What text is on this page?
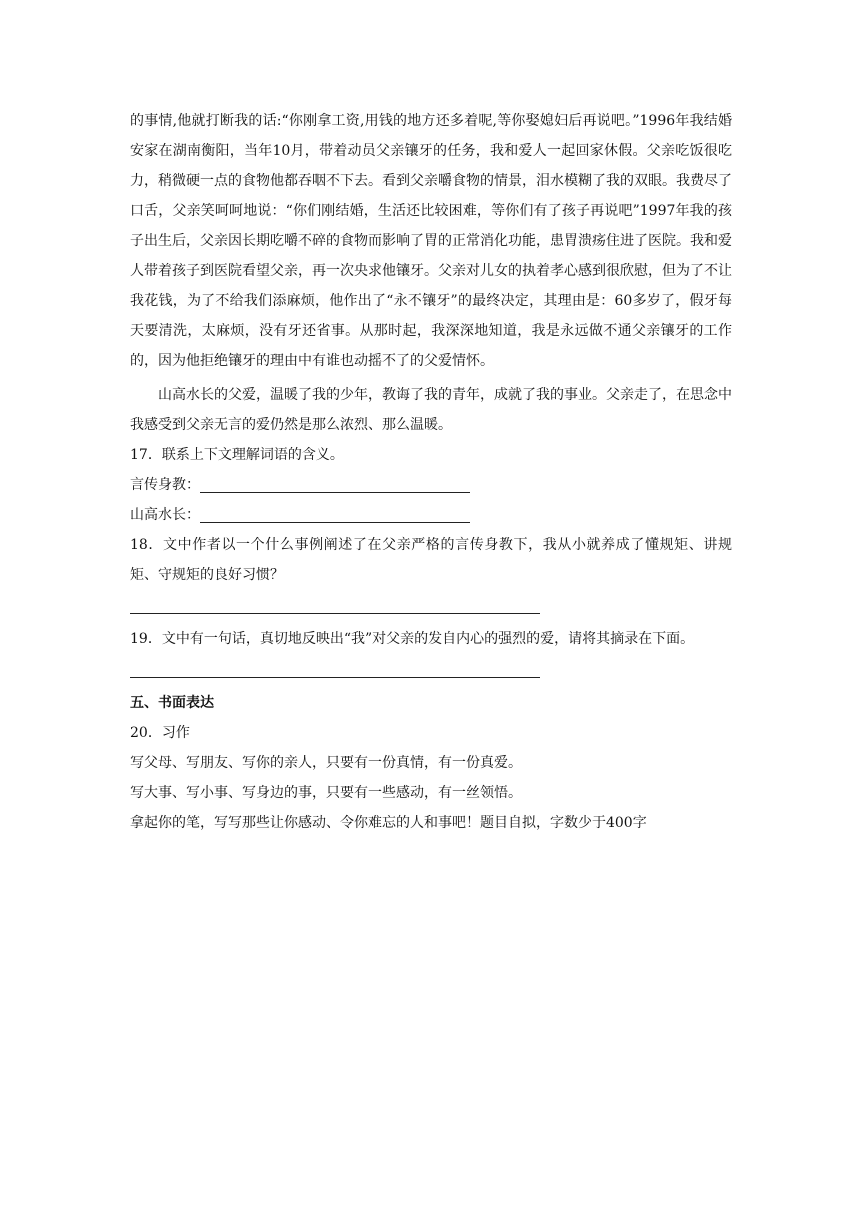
的事情,他就打断我的话:“你刚拿工资,用钱的地方还多着呢,等你娶媳妇后再说吧。”1996年我结婚安家在湖南衡阳，当年10月，带着动员父亲镶牙的任务，我和爱人一起回家休假。父亲吃饭很吃力，稍微硬一点的食物他都吞咽不下去。看到父亲嚼食物的情景，泪水模糊了我的双眼。我费尽了口舌，父亲笑呵呵地说：“你们刚结婚，生活还比较困难，等你们有了孩子再说吧”1997年我的孩子出生后，父亲因长期吃嚼不碎的食物而影响了胃的正常消化功能，患胃溃疡住进了医院。我和爱人带着孩子到医院看望父亲，再一次央求他镶牙。父亲对儿女的执着孝心感到很欣慰，但为了不让我花钱，为了不给我们添麻烦，他作出了“永不镶牙”的最终决定，其理由是：60多岁了，假牙每天要清洗，太麻烦，没有牙还省事。从那时起，我深深地知道，我是永远做不通父亲镶牙的工作的，因为他拒绝镶牙的理由中有谁也动摇不了的父爱情怀。

山高水长的父爱，温暖了我的少年，教诲了我的青年，成就了我的事业。父亲走了，在思念中我感受到父亲无言的爱仍然是那么浓烈、那么温暖。

17．联系上下文理解词语的含义。

言传身教：

山高水长：

18．文中作者以一个什么事例阐述了在父亲严格的言传身教下，我从小就养成了懂规矩、讲规矩、守规矩的良好习惯？

19．文中有一句话，真切地反映出“我”对父亲的发自内心的强烈的爱，请将其摘录在下面。

五、书面表达

20．习作

写父母、写朋友、写你的亲人，只要有一份真情，有一份真爱。

写大事、写小事、写身边的事，只要有一些感动，有一丝领悟。

拿起你的笔，写写那些让你感动、令你难忘的人和事吧！题目自拟，字数少于400字
